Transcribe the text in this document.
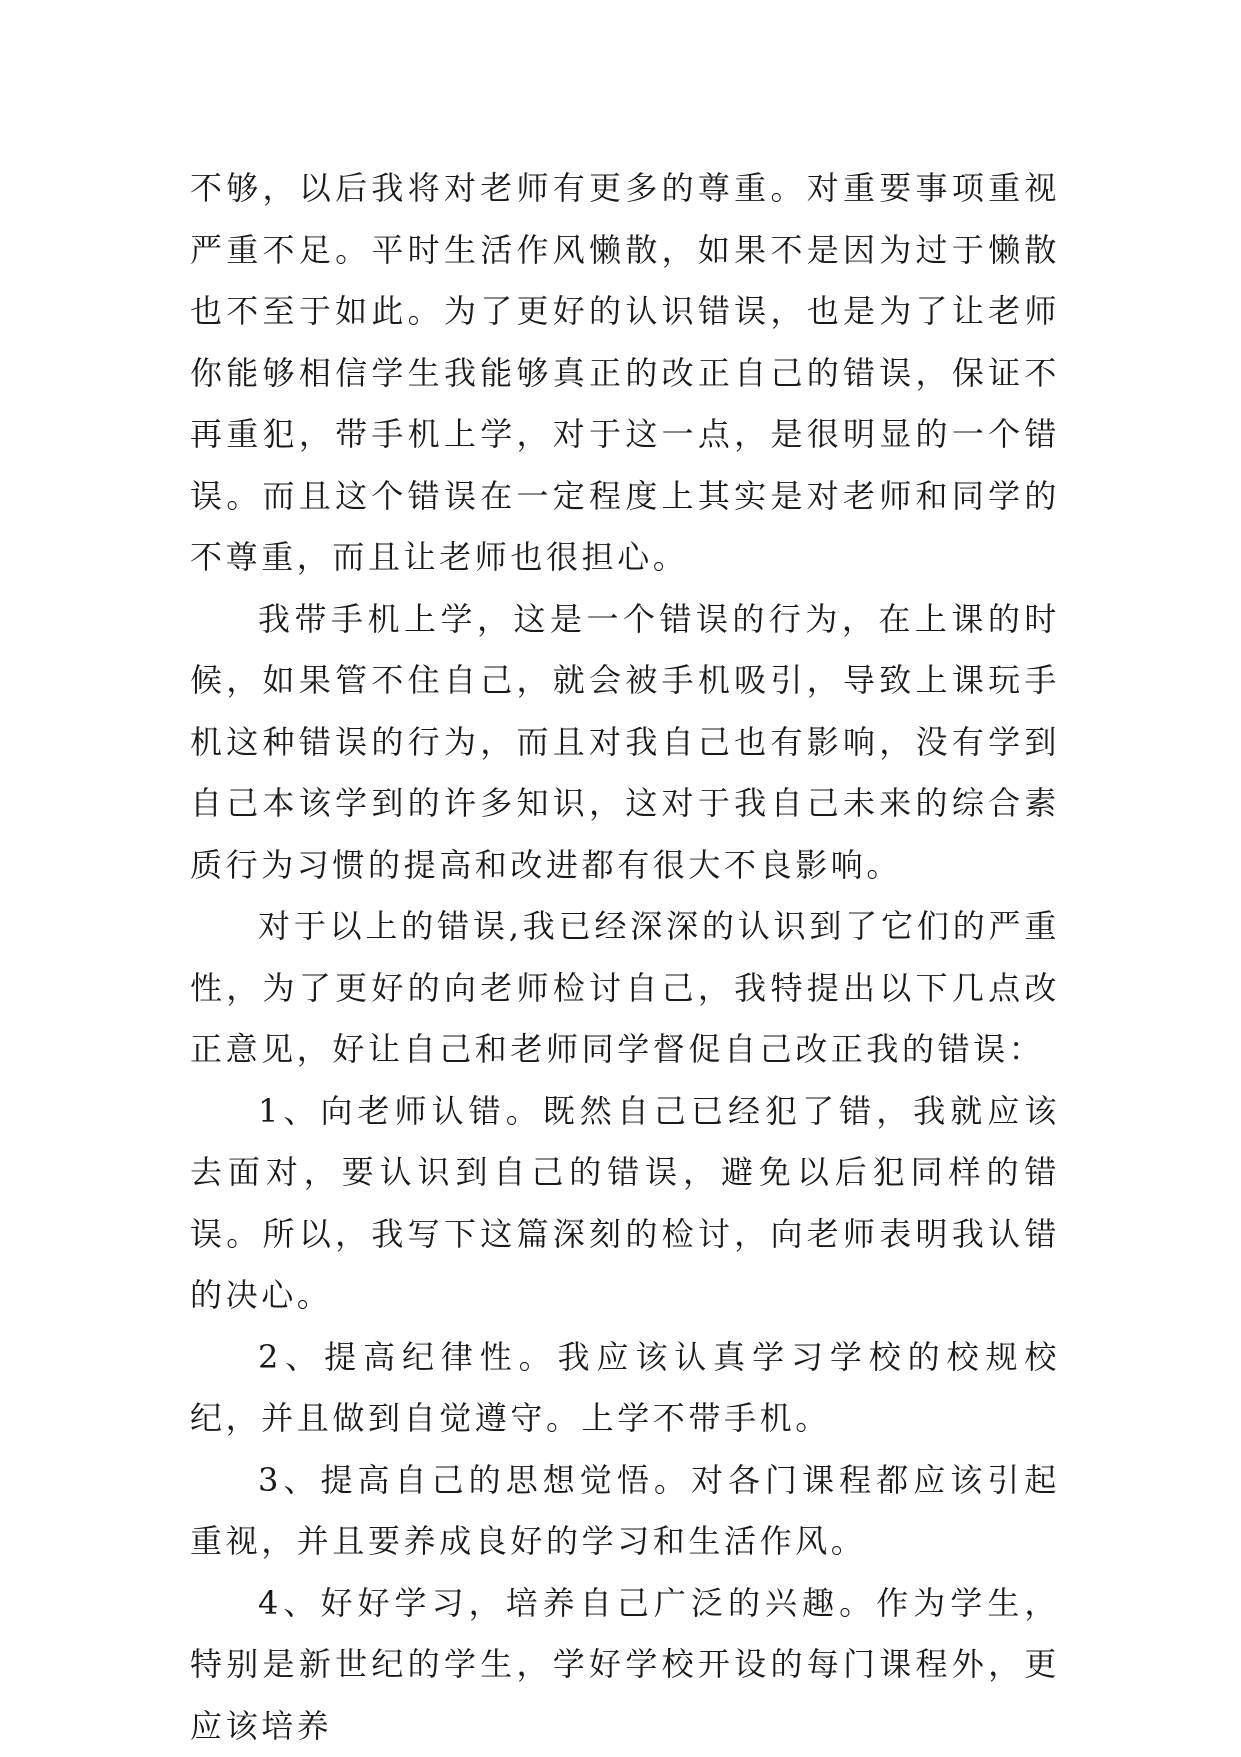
不够，以后我将对老师有更多的尊重。对重要事项重视严重不足。平时生活作风懒散，如果不是因为过于懒散也不至于如此。为了更好的认识错误，也是为了让老师你能够相信学生我能够真正的改正自己的错误，保证不再重犯，带手机上学，对于这一点，是很明显的一个错误。而且这个错误在一定程度上其实是对老师和同学的不尊重，而且让老师也很担心。

我带手机上学，这是一个错误的行为，在上课的时候，如果管不住自己，就会被手机吸引，导致上课玩手机这种错误的行为，而且对我自己也有影响，没有学到自己本该学到的许多知识，这对于我自己未来的综合素质行为习惯的提高和改进都有很大不良影响。

对于以上的错误,我已经深深的认识到了它们的严重性，为了更好的向老师检讨自己，我特提出以下几点改正意见，好让自己和老师同学督促自己改正我的错误：

1、向老师认错。既然自己已经犯了错，我就应该去面对，要认识到自己的错误，避免以后犯同样的错误。所以，我写下这篇深刻的检讨，向老师表明我认错的决心。

2、提高纪律性。我应该认真学习学校的校规校纪，并且做到自觉遵守。上学不带手机。

3、提高自己的思想觉悟。对各门课程都应该引起重视，并且要养成良好的学习和生活作风。

4、好好学习，培养自己广泛的兴趣。作为学生，特别是新世纪的学生，学好学校开设的每门课程外，更应该培养
